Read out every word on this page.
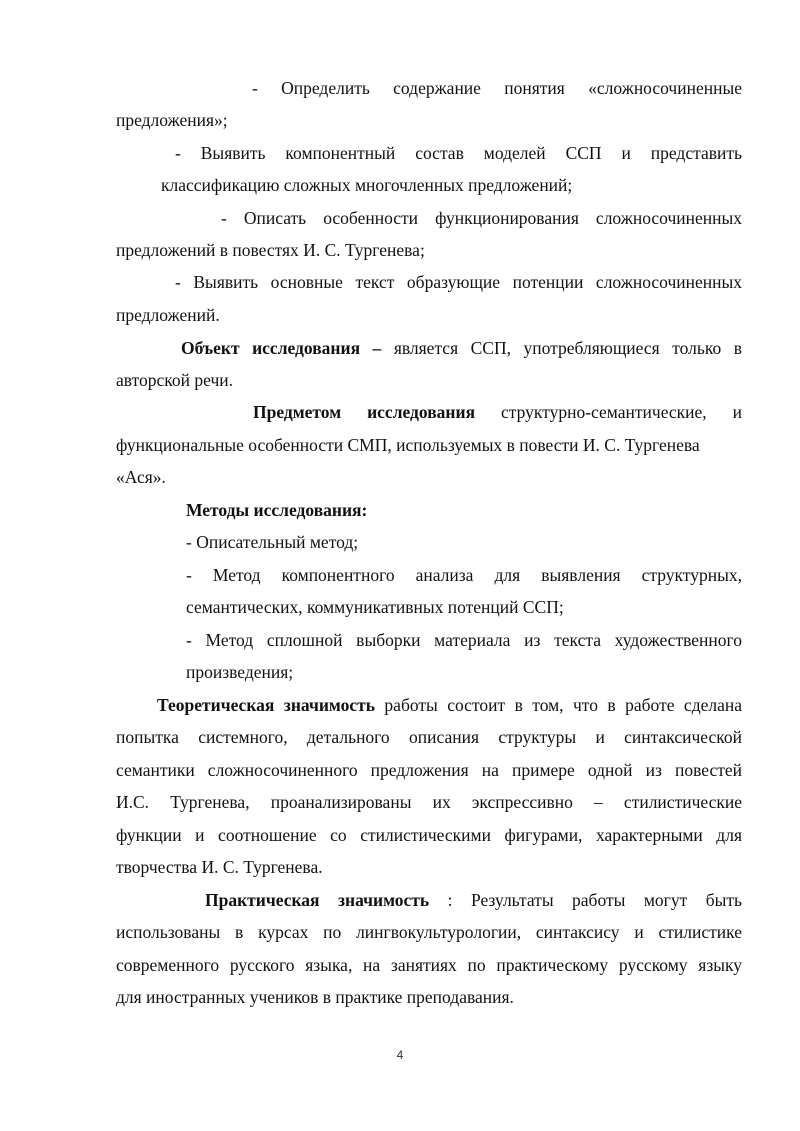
- Определить содержание понятия «сложносочиненные
предложения»;
- Выявить компонентный состав моделей ССП и представить
классификацию сложных многочленных предложений;
- Описать особенности функционирования сложносочиненных
предложений в повестях И. С. Тургенева;
- Выявить основные текст образующие потенции сложносочиненных
предложений.
Объект исследования – является ССП, употребляющиеся только в
авторской речи.
Предметом исследования структурно-семантические, и
функциональные особенности СМП, используемых в повести И. С. Тургенева
«Ася».
Методы исследования:
- Описательный метод;
- Метод компонентного анализа для выявления структурных,
семантических, коммуникативных потенций ССП;
- Метод сплошной выборки материала из текста художественного
произведения;
Теоретическая значимость работы состоит в том, что в работе сделана
попытка системного, детального описания структуры и синтаксической
семантики сложносочиненного предложения на примере одной из повестей
И.С. Тургенева, проанализированы их экспрессивно – стилистические
функции и соотношение со стилистическими фигурами, характерными для
творчества И. С. Тургенева.
Практическая значимость : Результаты работы могут быть
использованы в курсах по лингвокультурологии, синтаксису и стилистике
современного русского языка, на занятиях по практическому русскому языку
для иностранных учеников в практике преподавания.
4
